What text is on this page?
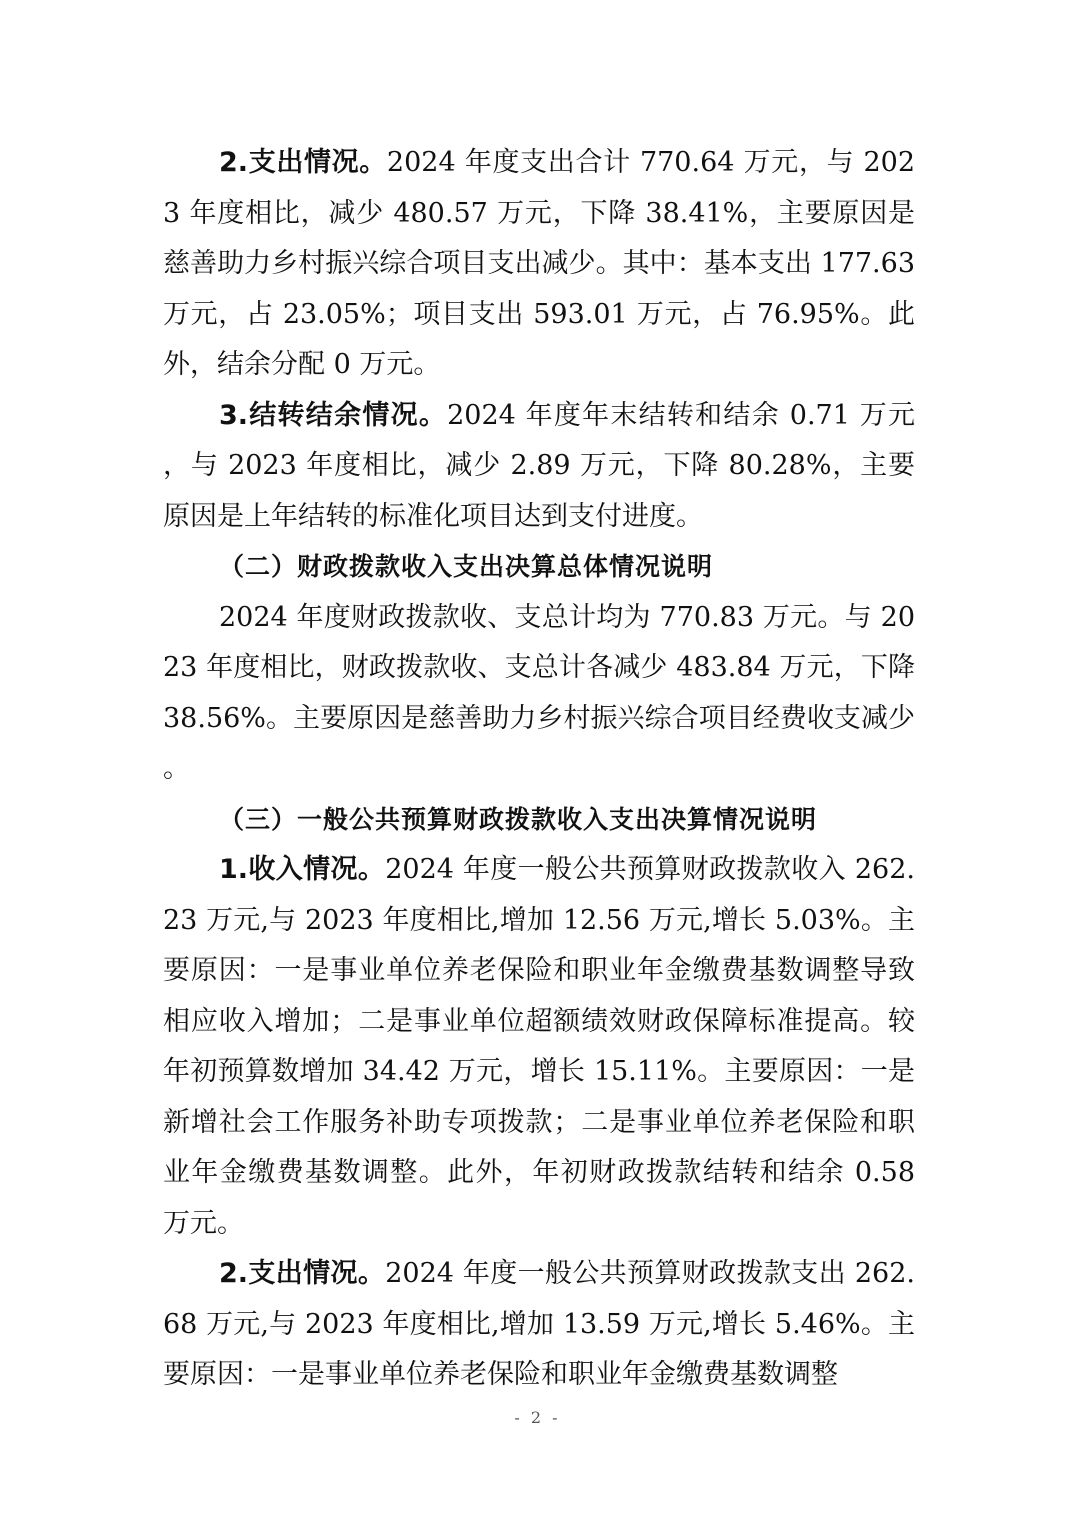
2.支出情况。2024 年度支出合计 770.64 万元，与 2023 年度相比，减少 480.57 万元，下降 38.41%，主要原因是慈善助力乡村振兴综合项目支出减少。其中：基本支出 177.63 万元，占 23.05%；项目支出 593.01 万元，占 76.95%。此外，结余分配 0 万元。

3.结转结余情况。2024 年度年末结转和结余 0.71 万元，与 2023 年度相比，减少 2.89 万元，下降 80.28%，主要原因是上年结转的标准化项目达到支付进度。

（二）财政拨款收入支出决算总体情况说明

2024 年度财政拨款收、支总计均为 770.83 万元。与 2023 年度相比，财政拨款收、支总计各减少 483.84 万元，下降 38.56%。主要原因是慈善助力乡村振兴综合项目经费收支减少。

（三）一般公共预算财政拨款收入支出决算情况说明

1.收入情况。2024 年度一般公共预算财政拨款收入 262.23 万元,与 2023 年度相比,增加 12.56 万元,增长 5.03%。主要原因：一是事业单位养老保险和职业年金缴费基数调整导致相应收入增加；二是事业单位超额绩效财政保障标准提高。较年初预算数增加 34.42 万元，增长 15.11%。主要原因：一是新增社会工作服务补助专项拨款；二是事业单位养老保险和职业年金缴费基数调整。此外，年初财政拨款结转和结余 0.58 万元。

2.支出情况。2024 年度一般公共预算财政拨款支出 262.68 万元,与 2023 年度相比,增加 13.59 万元,增长 5.46%。主要原因：一是事业单位养老保险和职业年金缴费基数调整

- 2 -
